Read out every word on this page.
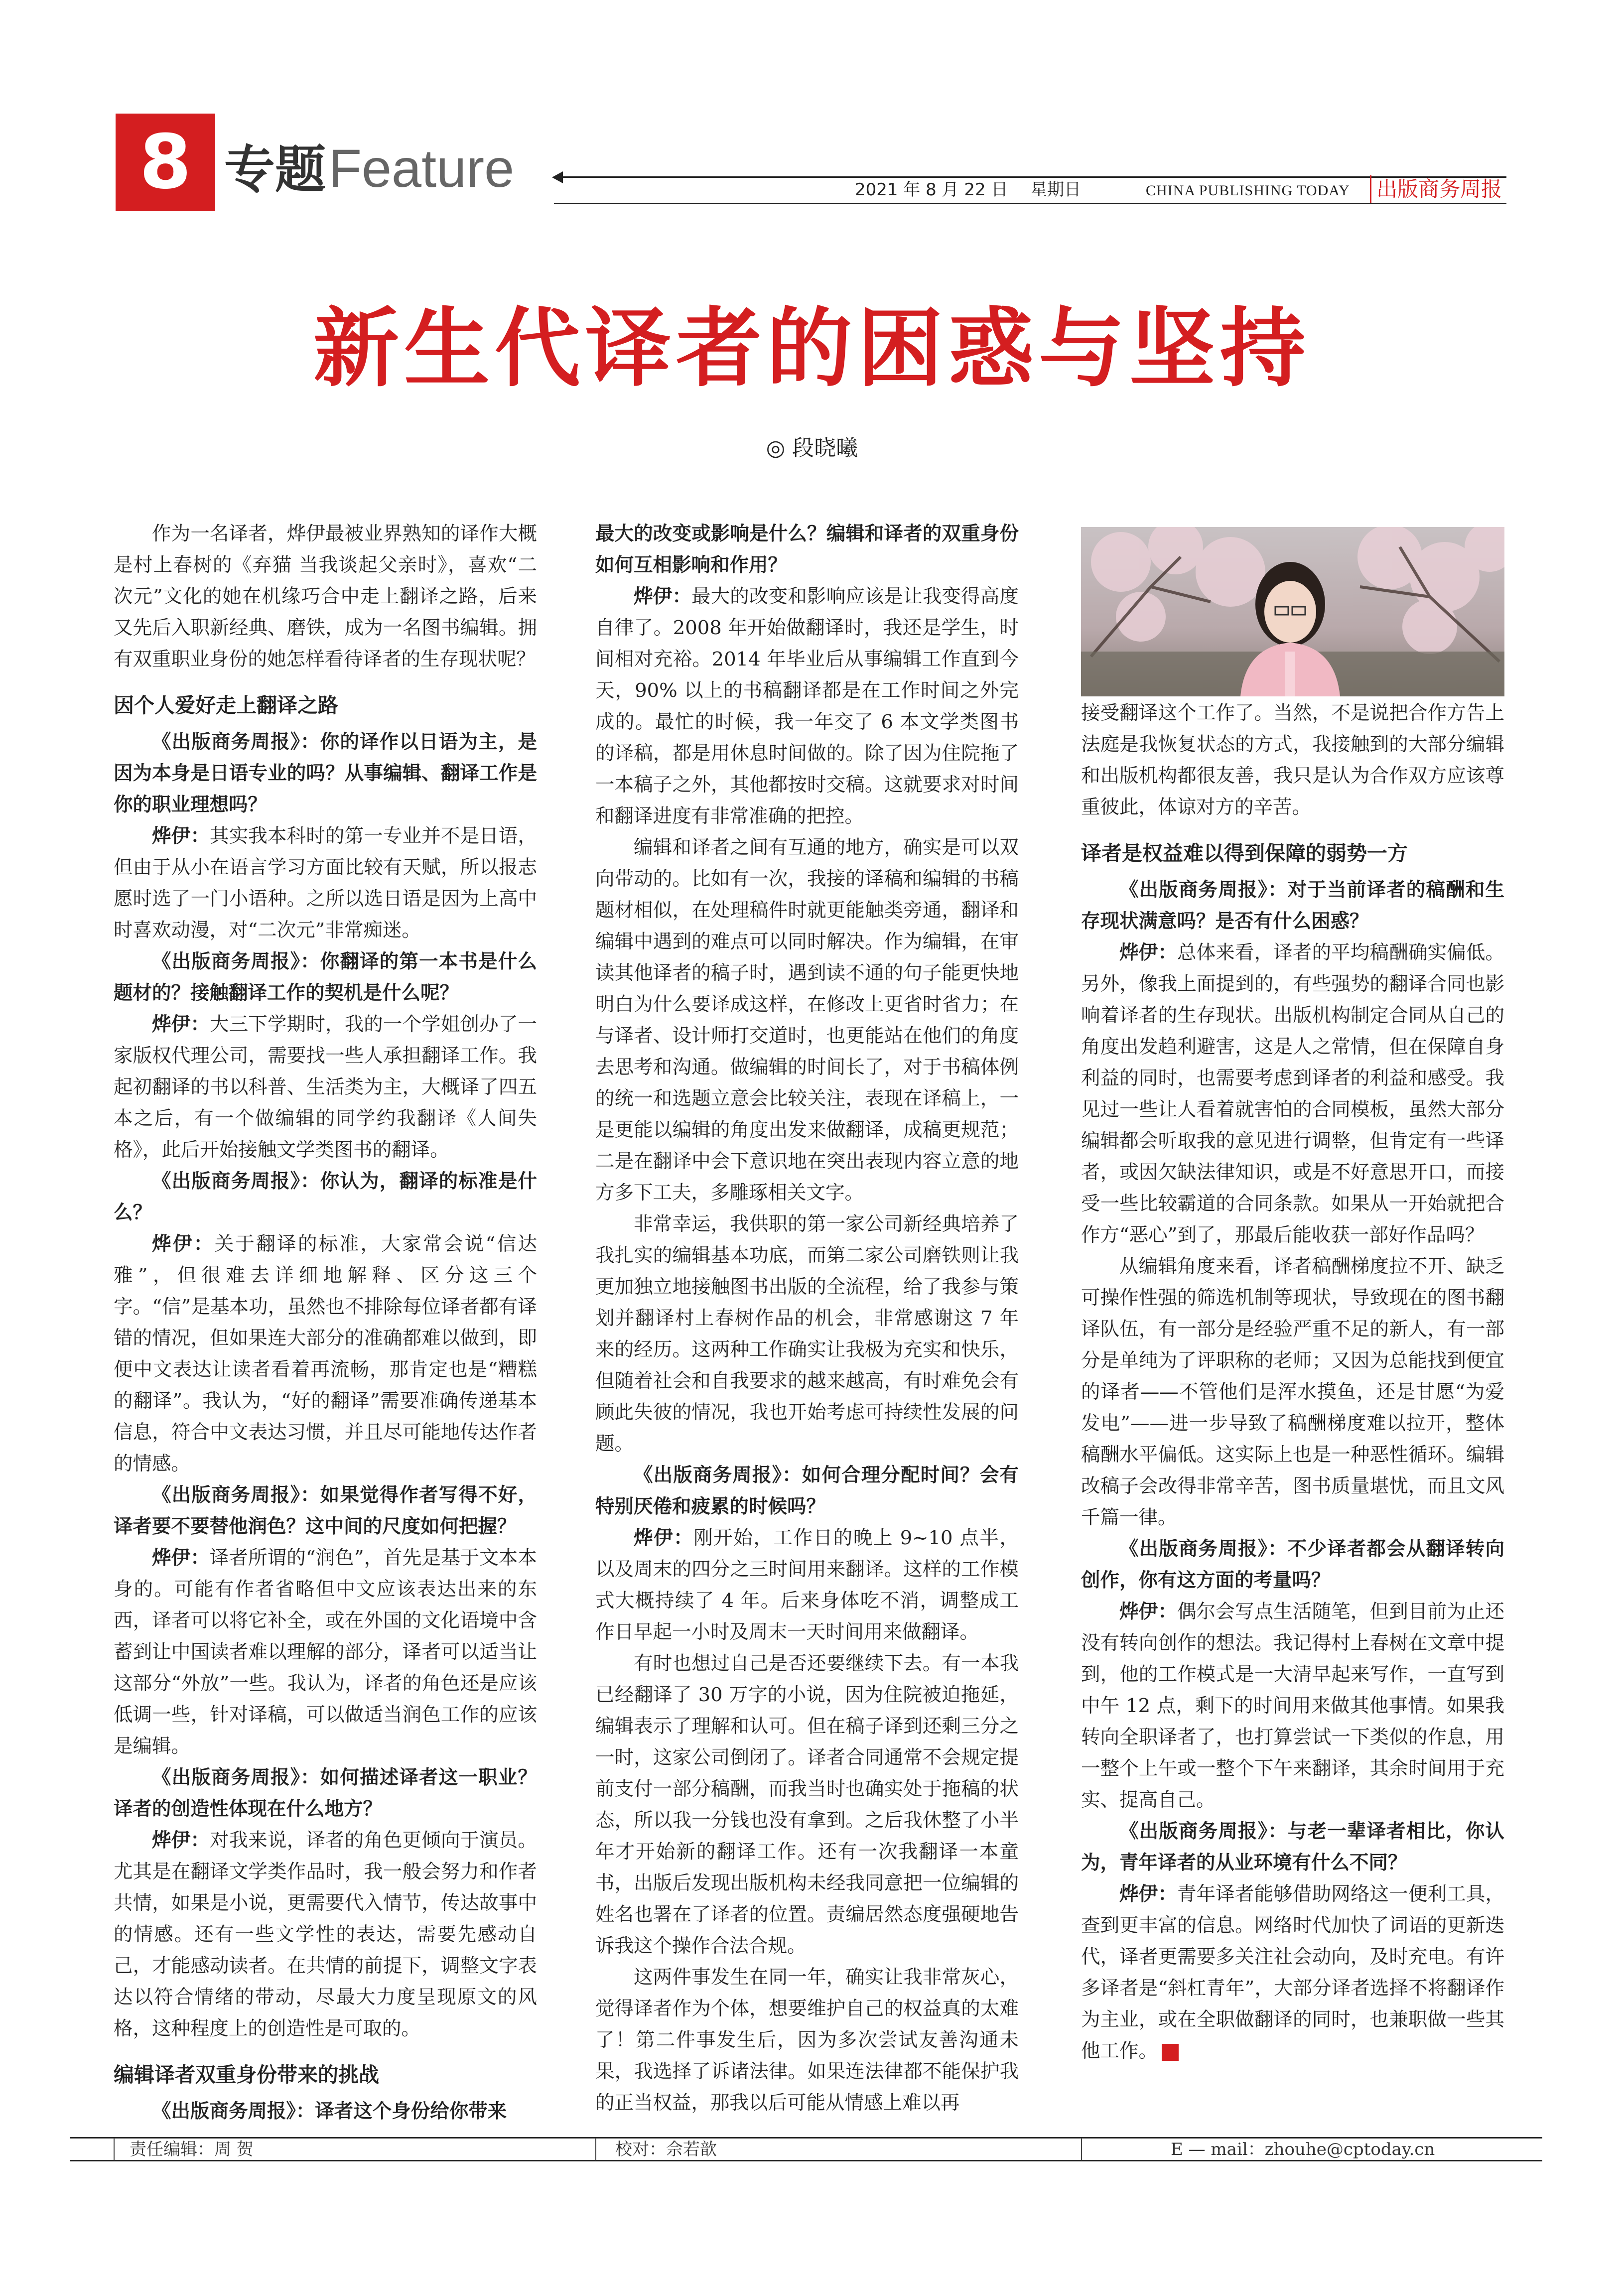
8 专题 Feature	2021 年 8 月 22 日 星期日	CHINA PUBLISHING TODAY	出版商务周报
新生代译者的困惑与坚持
◎ 段晓曦

作为一名译者，烨伊最被业界熟知的译作大概是村上春树的《弃猫 当我谈起父亲时》，喜欢“二次元”文化的她在机缘巧合中走上翻译之路，后来又先后入职新经典、磨铁，成为一名图书编辑。拥有双重职业身份的她怎样看待译者的生存现状呢？

因个人爱好走上翻译之路

《出版商务周报》：你的译作以日语为主，是因为本身是日语专业的吗？从事编辑、翻译工作是你的职业理想吗？

烨伊：其实我本科时的第一专业并不是日语，但由于从小在语言学习方面比较有天赋，所以报志愿时选了一门小语种。之所以选日语是因为上高中时喜欢动漫，对“二次元”非常痴迷。

《出版商务周报》：你翻译的第一本书是什么题材的？接触翻译工作的契机是什么呢？

烨伊：大三下学期时，我的一个学姐创办了一家版权代理公司，需要找一些人承担翻译工作。我起初翻译的书以科普、生活类为主，大概译了四五本之后，有一个做编辑的同学约我翻译《人间失格》，此后开始接触文学类图书的翻译。

《出版商务周报》：你认为，翻译的标准是什么？

烨伊：关于翻译的标准，大家常会说“信达雅”，但很难去详细地解释、区分这三个字。“信”是基本功，虽然也不排除每位译者都有译错的情况，但如果连大部分的准确都难以做到，即便中文表达让读者看着再流畅，那肯定也是“糟糕的翻译”。我认为，“好的翻译”需要准确传递基本信息，符合中文表达习惯，并且尽可能地传达作者的情感。

《出版商务周报》：如果觉得作者写得不好，译者要不要替他润色？这中间的尺度如何把握？

烨伊：译者所谓的“润色”，首先是基于文本本身的。可能有作者省略但中文应该表达出来的东西，译者可以将它补全，或在外国的文化语境中含蓄到让中国读者难以理解的部分，译者可以适当让这部分“外放”一些。我认为，译者的角色还是应该低调一些，针对译稿，可以做适当润色工作的应该是编辑。

《出版商务周报》：如何描述译者这一职业？译者的创造性体现在什么地方？

烨伊：对我来说，译者的角色更倾向于演员。尤其是在翻译文学类作品时，我一般会努力和作者共情，如果是小说，更需要代入情节，传达故事中的情感。还有一些文学性的表达，需要先感动自己，才能感动读者。在共情的前提下，调整文字表达以符合情绪的带动，尽最大力度呈现原文的风格，这种程度上的创造性是可取的。

编辑译者双重身份带来的挑战

《出版商务周报》：译者这个身份给你带来

最大的改变或影响是什么？编辑和译者的双重身份如何互相影响和作用？

烨伊：最大的改变和影响应该是让我变得高度自律了。2008 年开始做翻译时，我还是学生，时间相对充裕。2014 年毕业后从事编辑工作直到今天，90% 以上的书稿翻译都是在工作时间之外完成的。最忙的时候，我一年交了 6 本文学类图书的译稿，都是用休息时间做的。除了因为住院拖了一本稿子之外，其他都按时交稿。这就要求对时间和翻译进度有非常准确的把控。

编辑和译者之间有互通的地方，确实是可以双向带动的。比如有一次，我接的译稿和编辑的书稿题材相似，在处理稿件时就更能触类旁通，翻译和编辑中遇到的难点可以同时解决。作为编辑，在审读其他译者的稿子时，遇到读不通的句子能更快地明白为什么要译成这样，在修改上更省时省力；在与译者、设计师打交道时，也更能站在他们的角度去思考和沟通。做编辑的时间长了，对于书稿体例的统一和选题立意会比较关注，表现在译稿上，一是更能以编辑的角度出发来做翻译，成稿更规范；二是在翻译中会下意识地在突出表现内容立意的地方多下工夫，多雕琢相关文字。

非常幸运，我供职的第一家公司新经典培养了我扎实的编辑基本功底，而第二家公司磨铁则让我更加独立地接触图书出版的全流程，给了我参与策划并翻译村上春树作品的机会，非常感谢这 7 年来的经历。这两种工作确实让我极为充实和快乐，但随着社会和自我要求的越来越高，有时难免会有顾此失彼的情况，我也开始考虑可持续性发展的问题。

《出版商务周报》：如何合理分配时间？会有特别厌倦和疲累的时候吗？

烨伊：刚开始，工作日的晚上 9~10 点半，以及周末的四分之三时间用来翻译。这样的工作模式大概持续了 4 年。后来身体吃不消，调整成工作日早起一小时及周末一天时间用来做翻译。

有时也想过自己是否还要继续下去。有一本我已经翻译了 30 万字的小说，因为住院被迫拖延，编辑表示了理解和认可。但在稿子译到还剩三分之一时，这家公司倒闭了。译者合同通常不会规定提前支付一部分稿酬，而我当时也确实处于拖稿的状态，所以我一分钱也没有拿到。之后我休整了小半年才开始新的翻译工作。还有一次我翻译一本童书，出版后发现出版机构未经我同意把一位编辑的姓名也署在了译者的位置。责编居然态度强硬地告诉我这个操作合法合规。

这两件事发生在同一年，确实让我非常灰心，觉得译者作为个体，想要维护自己的权益真的太难了！第二件事发生后，因为多次尝试友善沟通未果，我选择了诉诸法律。如果连法律都不能保护我的正当权益，那我以后可能从情感上难以再

接受翻译这个工作了。当然，不是说把合作方告上法庭是我恢复状态的方式，我接触到的大部分编辑和出版机构都很友善，我只是认为合作双方应该尊重彼此，体谅对方的辛苦。

译者是权益难以得到保障的弱势一方

《出版商务周报》：对于当前译者的稿酬和生存现状满意吗？是否有什么困惑？

烨伊：总体来看，译者的平均稿酬确实偏低。另外，像我上面提到的，有些强势的翻译合同也影响着译者的生存现状。出版机构制定合同从自己的角度出发趋利避害，这是人之常情，但在保障自身利益的同时，也需要考虑到译者的利益和感受。我见过一些让人看着就害怕的合同模板，虽然大部分编辑都会听取我的意见进行调整，但肯定有一些译者，或因欠缺法律知识，或是不好意思开口，而接受一些比较霸道的合同条款。如果从一开始就把合作方“恶心”到了，那最后能收获一部好作品吗？

从编辑角度来看，译者稿酬梯度拉不开、缺乏可操作性强的筛选机制等现状，导致现在的图书翻译队伍，有一部分是经验严重不足的新人，有一部分是单纯为了评职称的老师；又因为总能找到便宜的译者——不管他们是浑水摸鱼，还是甘愿“为爱发电”——进一步导致了稿酬梯度难以拉开，整体稿酬水平偏低。这实际上也是一种恶性循环。编辑改稿子会改得非常辛苦，图书质量堪忧，而且文风千篇一律。

《出版商务周报》：不少译者都会从翻译转向创作，你有这方面的考量吗？

烨伊：偶尔会写点生活随笔，但到目前为止还没有转向创作的想法。我记得村上春树在文章中提到，他的工作模式是一大清早起来写作，一直写到中午 12 点，剩下的时间用来做其他事情。如果我转向全职译者了，也打算尝试一下类似的作息，用一整个上午或一整个下午来翻译，其余时间用于充实、提高自己。

《出版商务周报》：与老一辈译者相比，你认为，青年译者的从业环境有什么不同？

烨伊：青年译者能够借助网络这一便利工具，查到更丰富的信息。网络时代加快了词语的更新迭代，译者更需要多关注社会动向，及时充电。有许多译者是“斜杠青年”，大部分译者选择不将翻译作为主业，或在全职做翻译的同时，也兼职做一些其他工作。	P

责任编辑：周 贺	校对：佘若歆	E — mail：zhouhe@cptoday.cn
